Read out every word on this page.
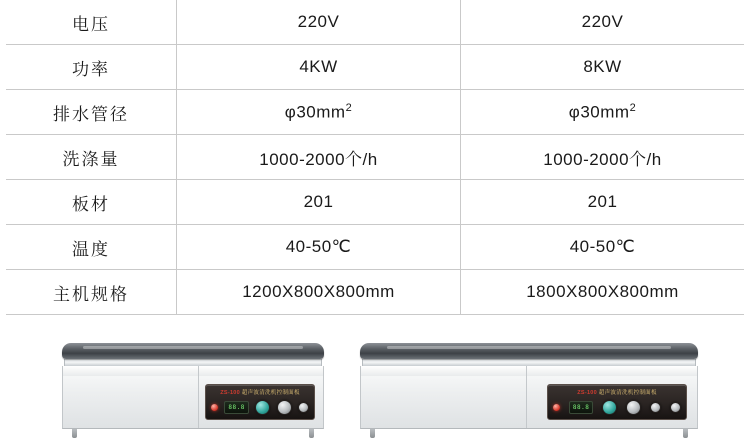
电压	220V	220V
功率	4KW	8KW
排水管径	$\varphi 30mm^2$	$\varphi 30mm^2$
洗涤量	1000-2000个/h	1000-2000个/h
板材	201	201
温度	40-50℃	40-50℃
主机规格	1200X800X800mm	1800X800X800mm
ZS-100 超声波清洗机控制面板
88.8
ZS-100 超声波清洗机控制面板
88.8
